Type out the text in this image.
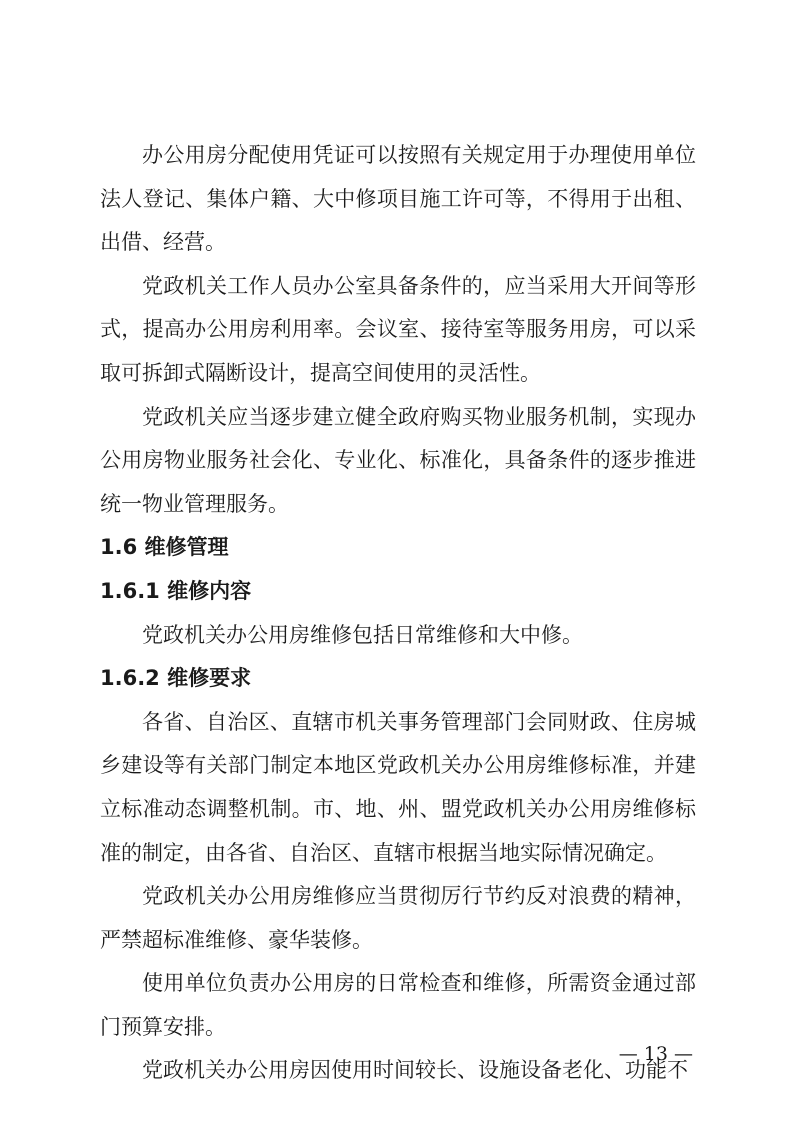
办公用房分配使用凭证可以按照有关规定用于办理使用单位法人登记、集体户籍、大中修项目施工许可等，不得用于出租、出借、经营。

党政机关工作人员办公室具备条件的，应当采用大开间等形式，提高办公用房利用率。会议室、接待室等服务用房，可以采取可拆卸式隔断设计，提高空间使用的灵活性。

党政机关应当逐步建立健全政府购买物业服务机制，实现办公用房物业服务社会化、专业化、标准化，具备条件的逐步推进统一物业管理服务。

1.6 维修管理

1.6.1 维修内容

党政机关办公用房维修包括日常维修和大中修。

1.6.2 维修要求

各省、自治区、直辖市机关事务管理部门会同财政、住房城乡建设等有关部门制定本地区党政机关办公用房维修标准，并建立标准动态调整机制。市、地、州、盟党政机关办公用房维修标准的制定，由各省、自治区、直辖市根据当地实际情况确定。

党政机关办公用房维修应当贯彻厉行节约反对浪费的精神，严禁超标准维修、豪华装修。

使用单位负责办公用房的日常检查和维修，所需资金通过部门预算安排。

党政机关办公用房因使用时间较长、设施设备老化、功能不

— 13 —
